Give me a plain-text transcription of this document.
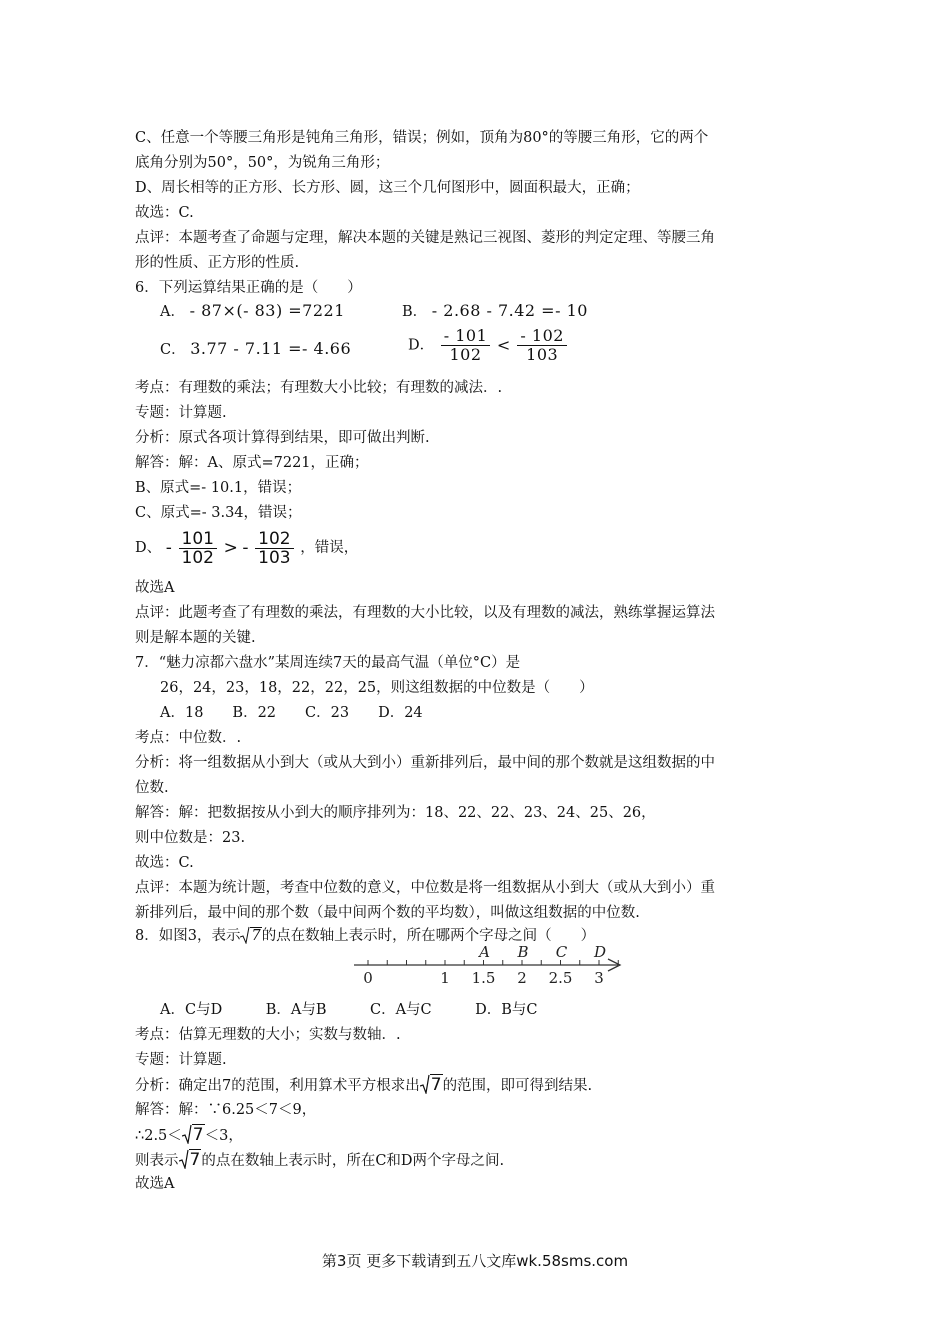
C、任意一个等腰三角形是钝角三角形，错误；例如，顶角为80°的等腰三角形，它的两个
底角分别为50°，50°，为锐角三角形；
D、周长相等的正方形、长方形、圆，这三个几何图形中，圆面积最大，正确；
故选：C.
点评：本题考查了命题与定理，解决本题的关键是熟记三视图、菱形的判定定理、等腰三角
形的性质、正方形的性质.
6．下列运算结果正确的是（　　）
A． - 87×(- 83) =7221	B． - 2.68 - 7.42 =- 10
C． 3.77 - 7.11 =- 4.66	D． $\frac{- 101}{102} < \frac{- 102}{103}$
考点：有理数的乘法；有理数大小比较；有理数的减法．.
专题：计算题.
分析：原式各项计算得到结果，即可做出判断.
解答：解：A、原式=7221，正确；
B、原式=- 10.1，错误；
C、原式=- 3.34，错误；
D、 - $\frac{101}{102}$ > - $\frac{102}{103}$ ，错误，
故选A
点评：此题考查了有理数的乘法，有理数的大小比较，以及有理数的减法，熟练掌握运算法
则是解本题的关键.
7．“魅力凉都六盘水”某周连续7天的最高气温（单位°C）是
26，24，23，18，22，22，25，则这组数据的中位数是（　　）
A．18　　B．22　　C．23　　D．24
考点：中位数．.
分析：将一组数据从小到大（或从大到小）重新排列后，最中间的那个数就是这组数据的中
位数.
解答：解：把数据按从小到大的顺序排列为：18、22、22、23、24、25、26，
则中位数是：23.
故选：C.
点评：本题为统计题，考查中位数的意义，中位数是将一组数据从小到大（或从大到小）重
新排列后，最中间的那个数（最中间两个数的平均数），叫做这组数据的中位数.
8．如图3，表示 7的点在数轴上表示时，所在哪两个字母之间（　　）
0	1 1.5 2 2.5 3
A B C D
A．C与D　　　B．A与B　　　C．A与C　　　D．B与C
考点：估算无理数的大小；实数与数轴．.
专题：计算题.
分析：确定出7的范围，利用算术平方根求出 7的范围，即可得到结果.
解答：解：∵6.25＜7＜9，
∴2.5＜ 7＜3，
则表示 7的点在数轴上表示时，所在C和D两个字母之间.
故选A
第3页 更多下载请到五八文库wk.58sms.com
